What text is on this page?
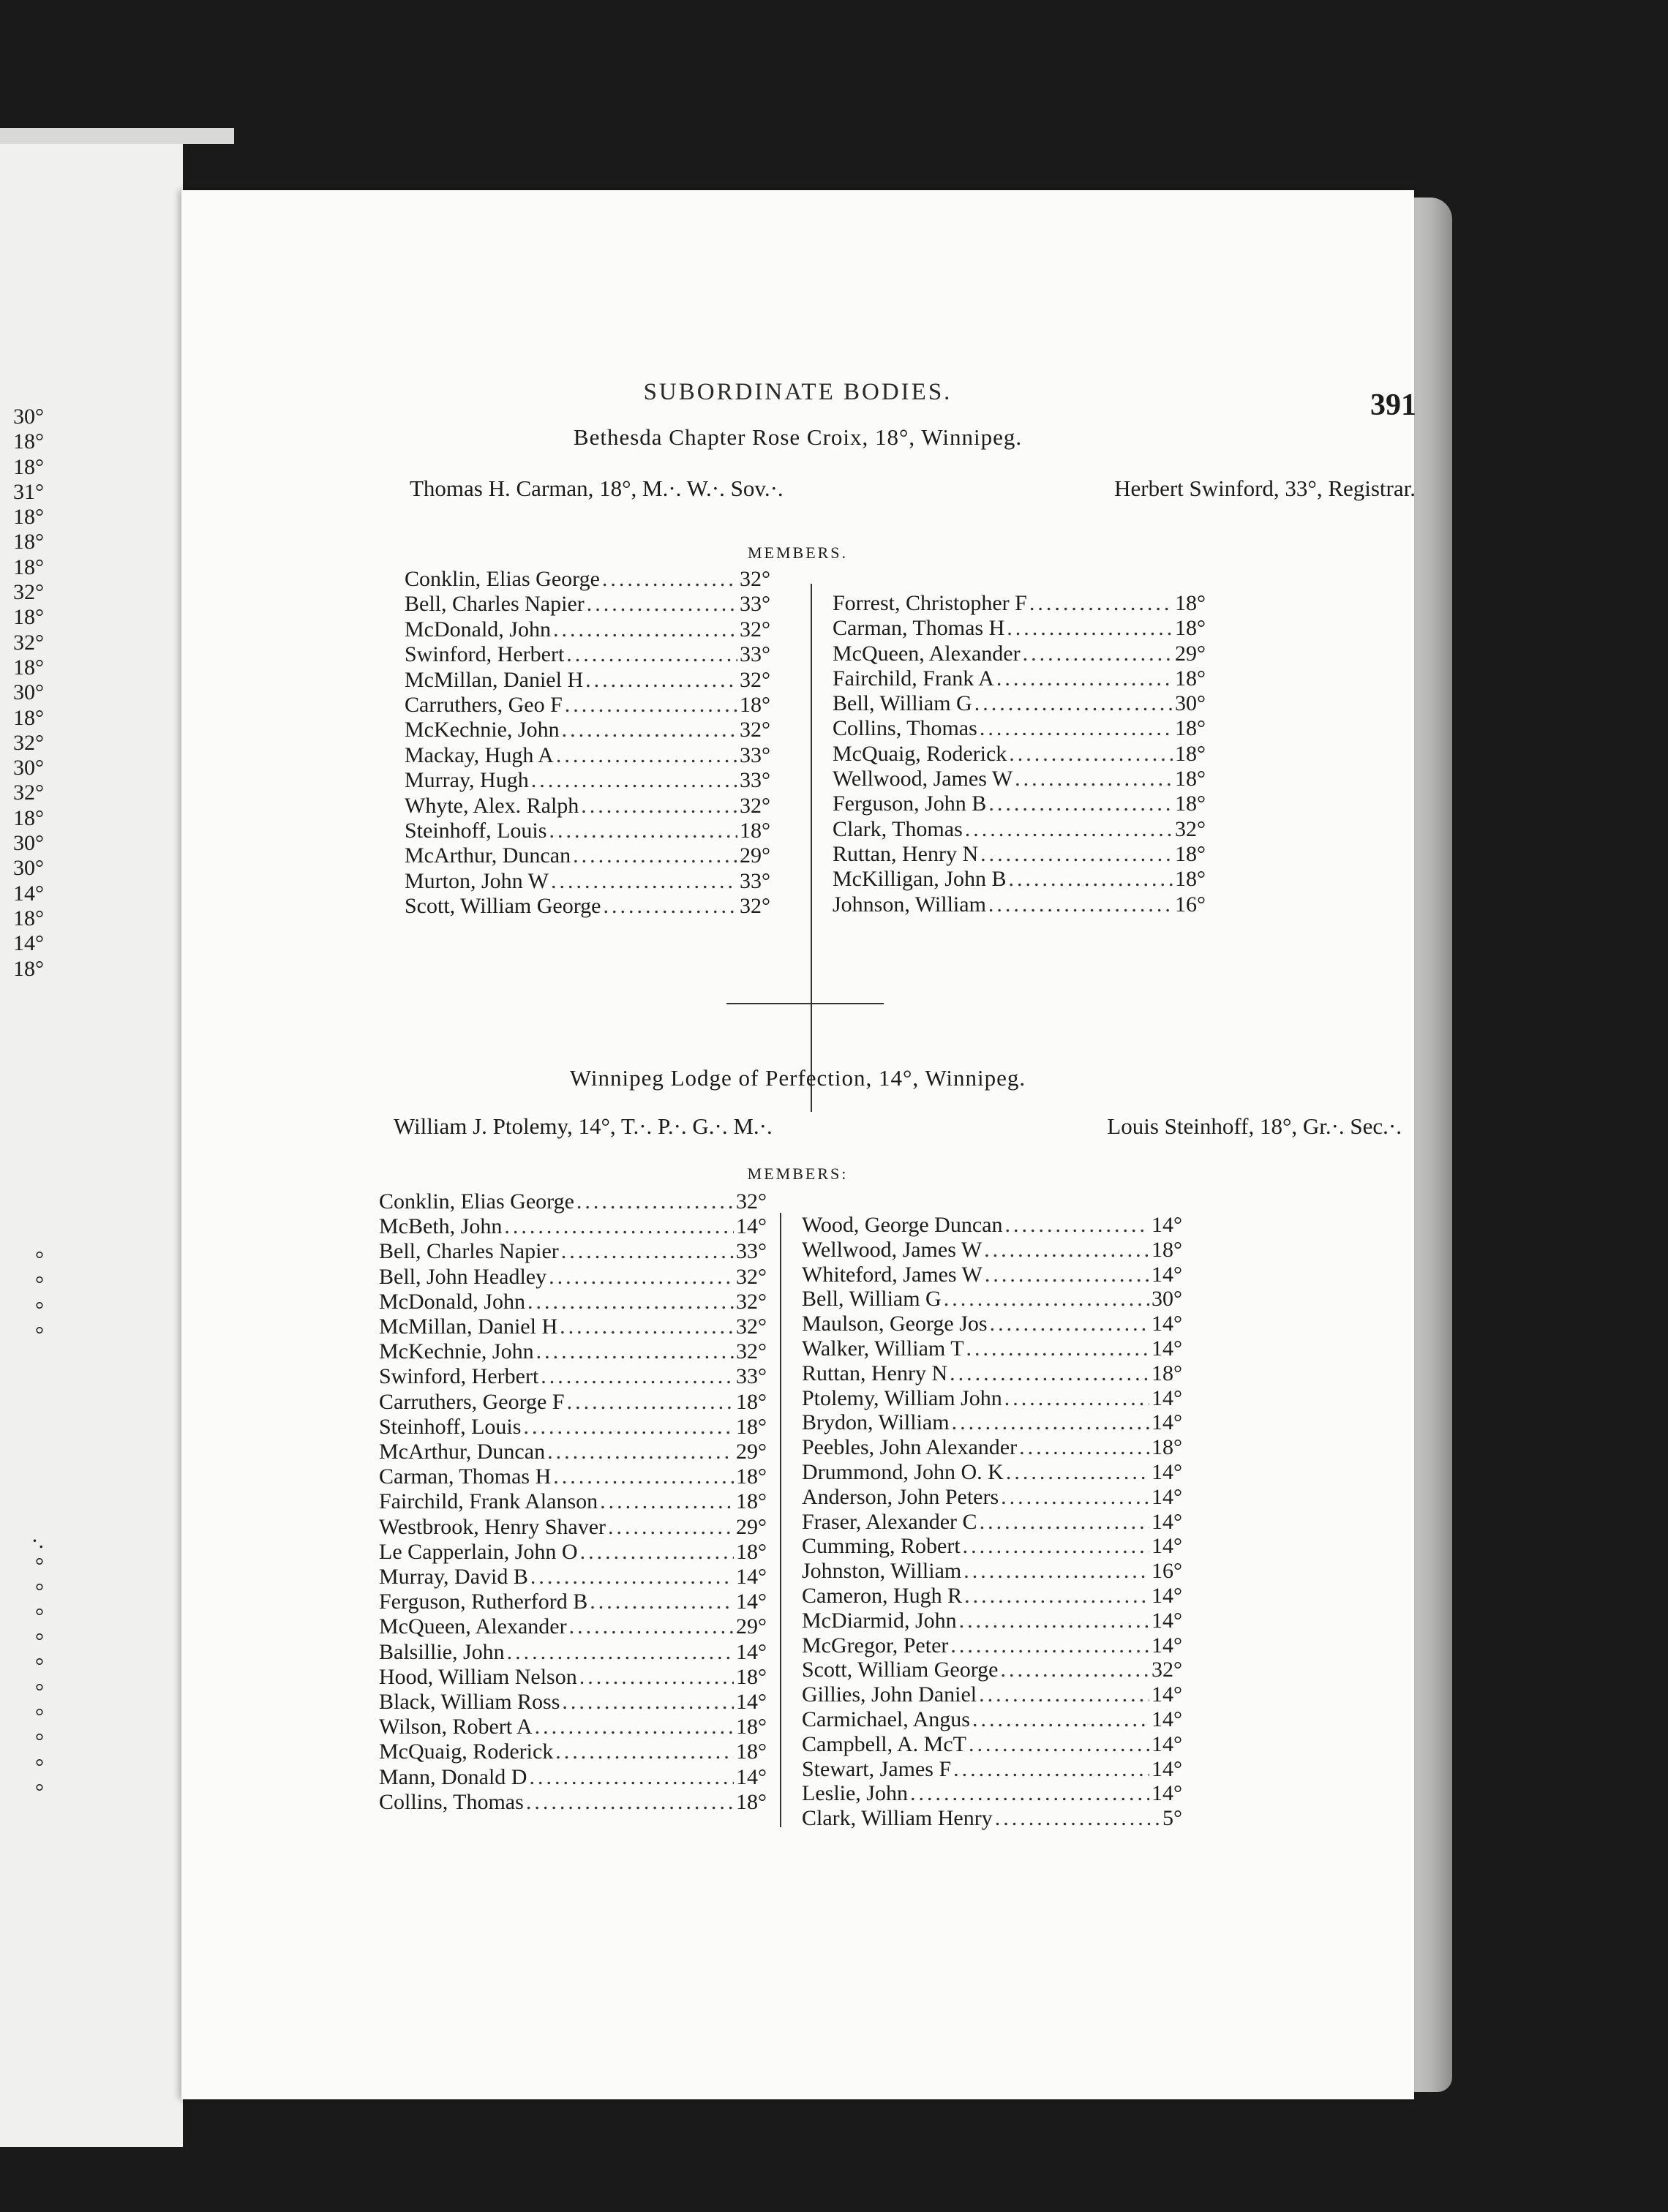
30°
18°
18°
31°
18°
18°
18°
32°
18°
32°
18°
30°
18°
32°
30°
32°
18°
30°
30°
14°
18°
14°
18°
°
°
°
°
·.
°
°
°
°
°
°
°
°
°
°
SUBORDINATE BODIES.	391
Bethesda Chapter Rose Croix, 18°, Winnipeg.
Thomas H. Carman, 18°, M.·. W.·. Sov.·.	Herbert Swinford, 33°, Registrar.
MEMBERS.
Conklin, Elias George .....	32°
Bell, Charles Napier .....	33°
McDonald, John .....	32°
Swinford, Herbert .....	33°
McMillan, Daniel H .....	32°
Carruthers, Geo F .....	18°
McKechnie, John .....	32°
Mackay, Hugh A .....	33°
Murray, Hugh .....	33°
Whyte, Alex. Ralph .....	32°
Steinhoff, Louis .....	18°
McArthur, Duncan .....	29°
Murton, John W .....	33°
Scott, William George .....	32°
Forrest, Christopher F .....	18°
Carman, Thomas H .....	18°
McQueen, Alexander .....	29°
Fairchild, Frank A .....	18°
Bell, William G .....	30°
Collins, Thomas .....	18°
McQuaig, Roderick .....	18°
Wellwood, James W .....	18°
Ferguson, John B .....	18°
Clark, Thomas .....	32°
Ruttan, Henry N .....	18°
McKilligan, John B .....	18°
Johnson, William .....	16°
Winnipeg Lodge of Perfection, 14°, Winnipeg.
William J. Ptolemy, 14°, T.·. P.·. G.·. M.·.	Louis Steinhoff, 18°, Gr.·. Sec.·.
MEMBERS:
Conklin, Elias George .....	32°
McBeth, John .....	14°
Bell, Charles Napier .....	33°
Bell, John Headley .....	32°
McDonald, John .....	32°
McMillan, Daniel H .....	32°
McKechnie, John .....	32°
Swinford, Herbert .....	33°
Carruthers, George F .....	18°
Steinhoff, Louis .....	18°
McArthur, Duncan .....	29°
Carman, Thomas H .....	18°
Fairchild, Frank Alanson .....	18°
Westbrook, Henry Shaver .....	29°
Le Capperlain, John O .....	18°
Murray, David B .....	14°
Ferguson, Rutherford B .....	14°
McQueen, Alexander .....	29°
Balsillie, John .....	14°
Hood, William Nelson .....	18°
Black, William Ross .....	14°
Wilson, Robert A .....	18°
McQuaig, Roderick .....	18°
Mann, Donald D .....	14°
Collins, Thomas .....	18°
Wood, George Duncan .....	14°
Wellwood, James W .....	18°
Whiteford, James W .....	14°
Bell, William G .....	30°
Maulson, George Jos .....	14°
Walker, William T .....	14°
Ruttan, Henry N .....	18°
Ptolemy, William John .....	14°
Brydon, William .....	14°
Peebles, John Alexander .....	18°
Drummond, John O. K .....	14°
Anderson, John Peters .....	14°
Fraser, Alexander C .....	14°
Cumming, Robert .....	14°
Johnston, William .....	16°
Cameron, Hugh R .....	14°
McDiarmid, John .....	14°
McGregor, Peter .....	14°
Scott, William George .....	32°
Gillies, John Daniel .....	14°
Carmichael, Angus .....	14°
Campbell, A. McT .....	14°
Stewart, James F .....	14°
Leslie, John .....	14°
Clark, William Henry .....	5°
